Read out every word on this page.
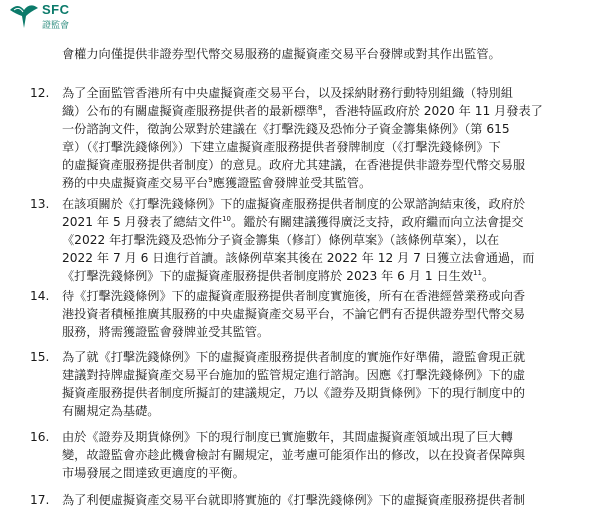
SFC
證監會
會權力向僅提供非證券型代幣交易服務的虛擬資產交易平台發牌或對其作出監管。
12. 為了全面監管香港所有中央虛擬資產交易平台，以及採納財務行動特別組織（特別組
織）公布的有關虛擬資產服務提供者的最新標準$^8$，香港特區政府於 2020 年 11 月發表了
一份諮詢文件，徵詢公眾對於建議在《打擊洗錢及恐怖分子資金籌集條例》（第 615
章）（《打擊洗錢條例》）下建立虛擬資產服務提供者發牌制度（《打擊洗錢條例》下
的虛擬資產服務提供者制度）的意見。政府尤其建議，在香港提供非證券型代幣交易服
務的中央虛擬資產交易平台$^9$應獲證監會發牌並受其監管。
13. 在該項關於《打擊洗錢條例》下的虛擬資產服務提供者制度的公眾諮詢結束後，政府於
2021 年 5 月發表了總結文件$^{10}$。鑑於有關建議獲得廣泛支持，政府繼而向立法會提交
《2022 年打擊洗錢及恐怖分子資金籌集（修訂）條例草案》（該條例草案），以在
2022 年 7 月 6 日進行首讀。該條例草案其後在 2022 年 12 月 7 日獲立法會通過，而
《打擊洗錢條例》下的虛擬資產服務提供者制度將於 2023 年 6 月 1 日生效$^{11}$。
14. 待《打擊洗錢條例》下的虛擬資產服務提供者制度實施後，所有在香港經營業務或向香
港投資者積極推廣其服務的中央虛擬資產交易平台，不論它們有否提供證券型代幣交易
服務，將需獲證監會發牌並受其監管。
15. 為了就《打擊洗錢條例》下的虛擬資產服務提供者制度的實施作好準備，證監會現正就
建議對持牌虛擬資產交易平台施加的監管規定進行諮詢。因應《打擊洗錢條例》下的虛
擬資產服務提供者制度所擬訂的建議規定，乃以《證券及期貨條例》下的現行制度中的
有關規定為基礎。
16. 由於《證券及期貨條例》下的現行制度已實施數年，其間虛擬資產領域出現了巨大轉
變，故證監會亦趁此機會檢討有關規定，並考慮可能須作出的修改，以在投資者保障與
市場發展之間達致更適度的平衡。
17. 為了利便虛擬資產交易平台就即將實施的《打擊洗錢條例》下的虛擬資產服務提供者制
